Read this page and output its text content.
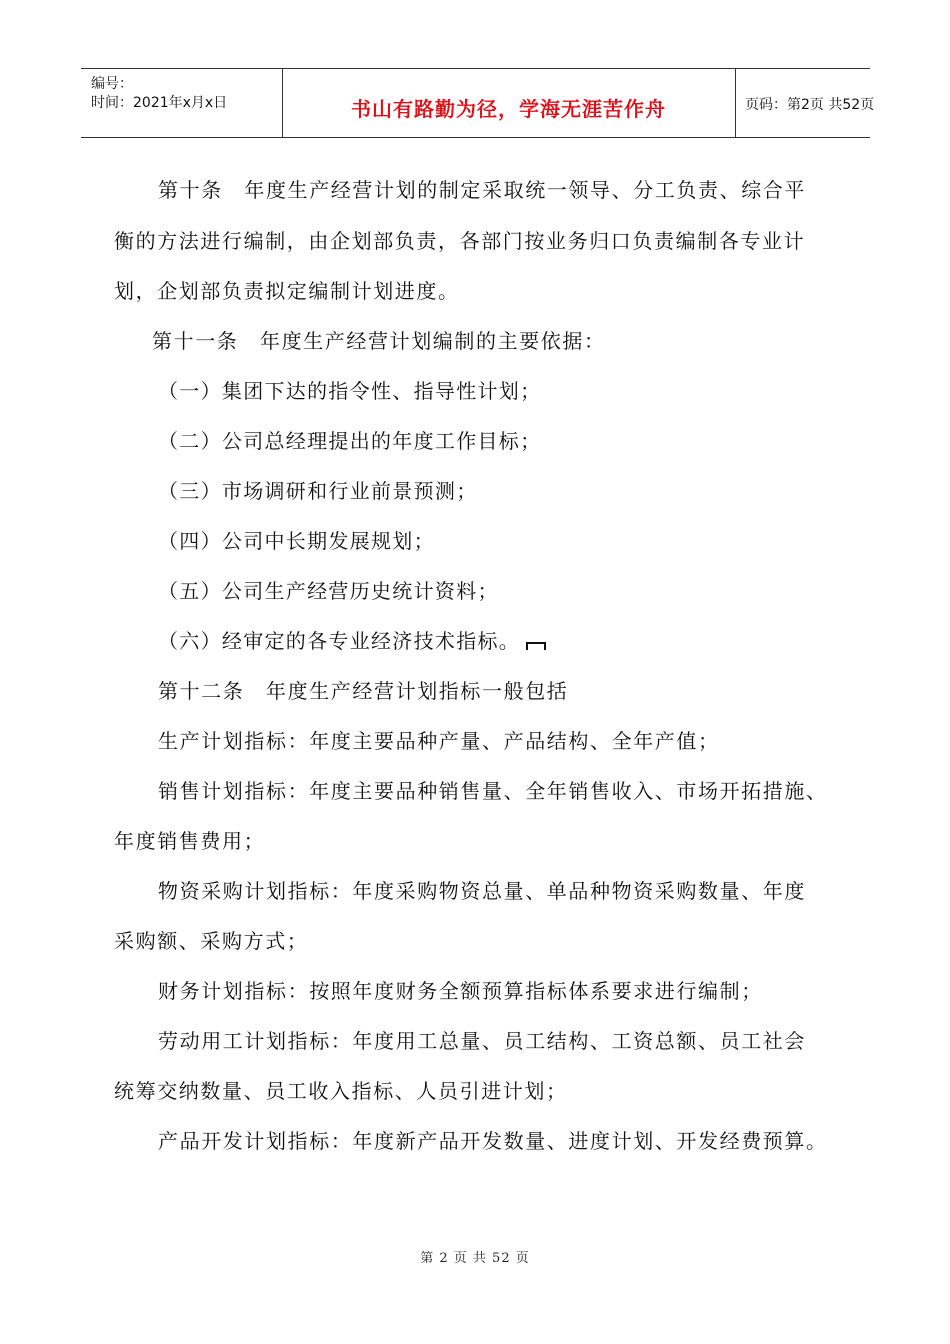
编号：
时间：2021年x月x日	书山有路勤为径，学海无涯苦作舟	页码：第2页 共52页
第十条　年度生产经营计划的制定采取统一领导、分工负责、综合平
衡的方法进行编制，由企划部负责，各部门按业务归口负责编制各专业计
划，企划部负责拟定编制计划进度。
第十一条　年度生产经营计划编制的主要依据：
（一）集团下达的指令性、指导性计划；
（二）公司总经理提出的年度工作目标；
（三）市场调研和行业前景预测；
（四）公司中长期发展规划；
（五）公司生产经营历史统计资料；
（六）经审定的各专业经济技术指标。
第十二条　年度生产经营计划指标一般包括
生产计划指标：年度主要品种产量、产品结构、全年产值；
销售计划指标：年度主要品种销售量、全年销售收入、市场开拓措施、
年度销售费用；
物资采购计划指标：年度采购物资总量、单品种物资采购数量、年度
采购额、采购方式；
财务计划指标：按照年度财务全额预算指标体系要求进行编制；
劳动用工计划指标：年度用工总量、员工结构、工资总额、员工社会
统筹交纳数量、员工收入指标、人员引进计划；
产品开发计划指标：年度新产品开发数量、进度计划、开发经费预算。
第 2 页 共 52 页
